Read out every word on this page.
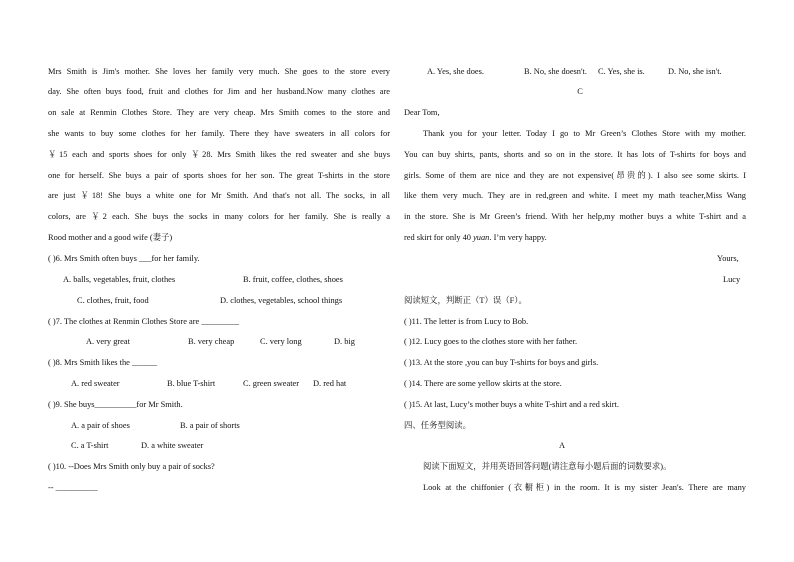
Mrs Smith is Jim's mother. She loves her family very much. She goes to the store every
day. She often buys food, fruit and clothes for Jim and her husband.Now many clothes are
on sale at Renmin Clothes Store. They are very cheap. Mrs Smith comes to the store and
she wants to buy some clothes for her family. There they have sweaters in all colors for
￥15 each and sports shoes for only ￥28. Mrs Smith likes the red sweater and she buys
one for herself. She buys a pair of sports shoes for her son. The great T-shirts in the store
are just ￥18! She buys a white one for Mr Smith. And that's not all. The socks, in all
colors, are ￥2 each. She buys the socks in many colors for her family. She is really a
Rood mother and a good wife (妻子)
( )6. Mrs Smith often buys ___for her family.
A. balls, vegetables, fruit, clothes	B. fruit, coffee, clothes, shoes
C. clothes, fruit, food	D. clothes, vegetables, school things
( )7. The clothes at Renmin Clothes Store are _________
A. very great	B. very cheap	C. very long	D. big
( )8. Mrs Smith likes the ______
A. red sweater	B. blue T-shirt	C. green sweater D. red hat
( )9. She buys__________for Mr Smith.
A. a pair of shoes	B. a pair of shorts
C. a T-shirt	D. a white sweater
( )10. --Does Mrs Smith only buy a pair of socks?
-- __________
A. Yes, she does.	B. No, she doesn't. C. Yes, she is.	D. No, she isn't.
C
Dear Tom,
Thank you for your letter. Today I go to Mr Green’s Clothes Store with my mother.
You can buy shirts, pants, shorts and so on in the store. It has lots of T-shirts for boys and
girls. Some of them are nice and they are not expensive(昂贵的). I also see some skirts. I
like them very much. They are in red,green and white. I meet my math teacher,Miss Wang
in the store. She is Mr Green’s friend. With her help,my mother buys a white T-shirt and a
red skirt for only 40 yuan. I’m very happy.
Yours,
Lucy
阅读短文，判断正（T）误（F）。
( )11. The letter is from Lucy to Bob.
( )12. Lucy goes to the clothes store with her father.
( )13. At the store ,you can buy T-shirts for boys and girls.
( )14. There are some yellow skirts at the store.
( )15. At last, Lucy’s mother buys a white T-shirt and a red skirt.
四、任务型阅读。
A
阅读下面短文，并用英语回答问题(请注意每小题后面的词数要求)。
Look at the chiffonier (衣橱柜) in the room. It is my sister Jean's. There are many
